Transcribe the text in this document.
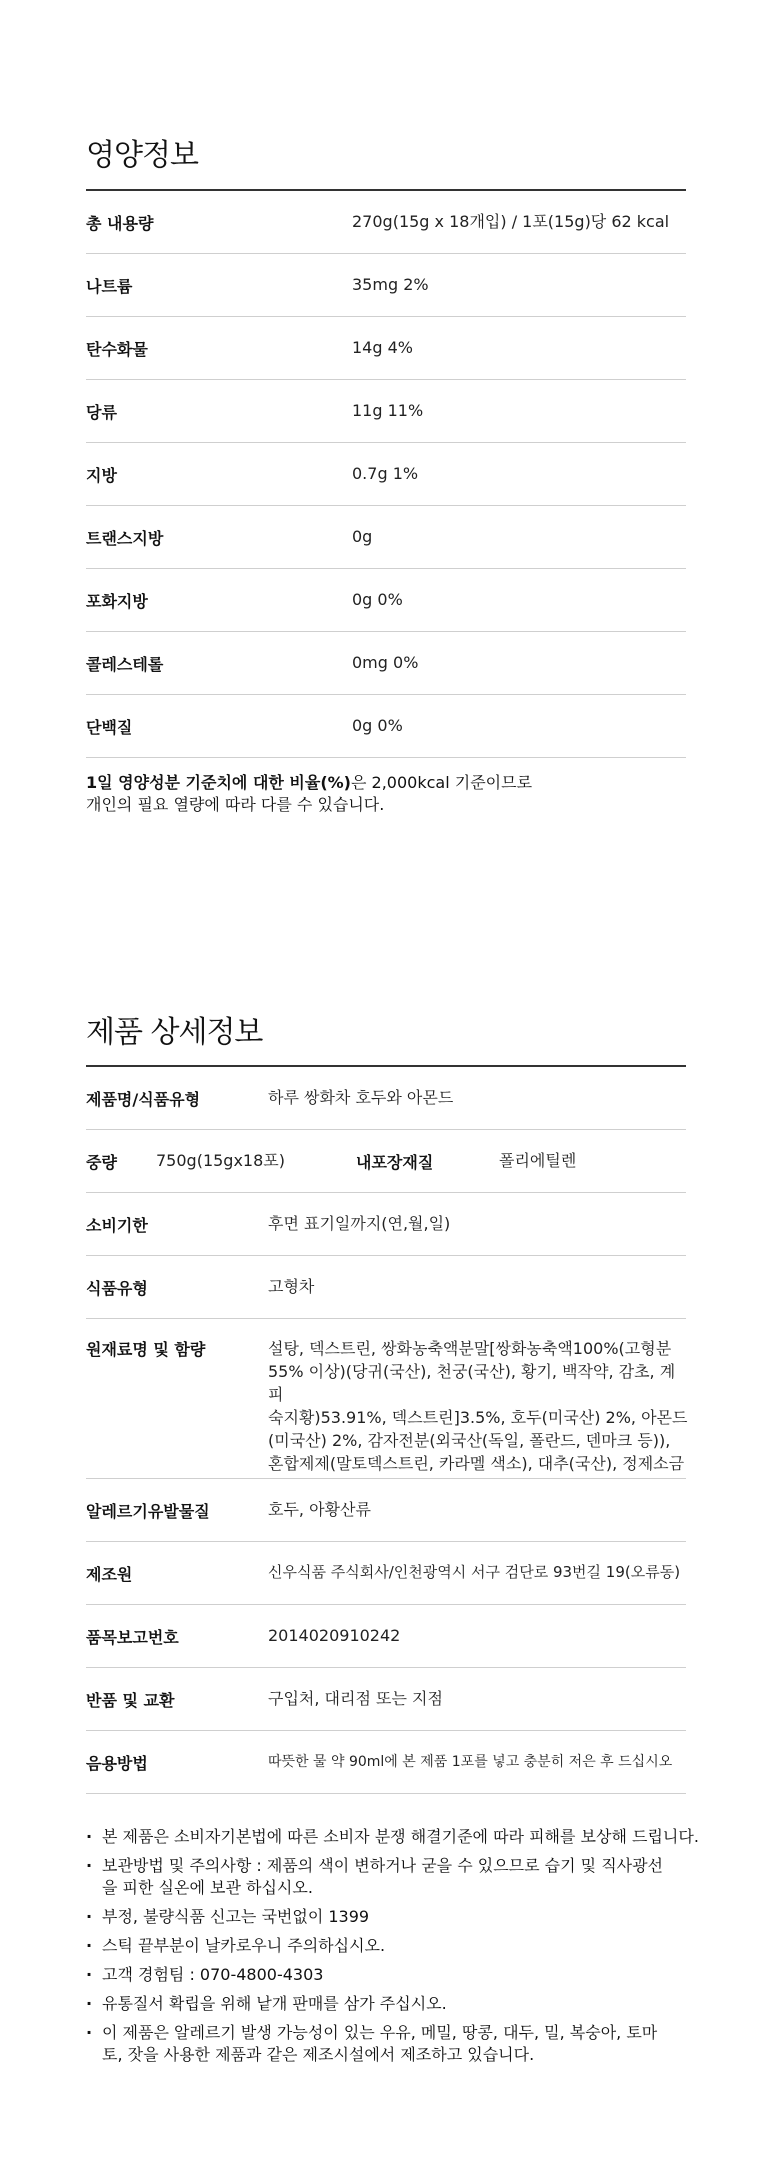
영양정보
총 내용량	270g(15g x 18개입) / 1포(15g)당 62 kcal
나트륨	35mg 2%
탄수화물	14g 4%
당류	11g 11%
지방	0.7g 1%
트랜스지방	0g
포화지방	0g 0%
콜레스테롤	0mg 0%
단백질	0g 0%
1일 영양성분 기준치에 대한 비율(%)은 2,000kcal 기준이므로
개인의 필요 열량에 따라 다를 수 있습니다.
제품 상세정보
제품명/식품유형	하루 쌍화차 호두와 아몬드
중량 750g(15gx18포)	내포장재질	폴리에틸렌
소비기한	후면 표기일까지(연,월,일)
식품유형	고형차
원재료명 및 함량	설탕, 덱스트린, 쌍화농축액분말[쌍화농축액100%(고형분
55% 이상)(당귀(국산), 천궁(국산), 황기, 백작약, 감초, 계피
숙지황)53.91%, 덱스트린]3.5%, 호두(미국산) 2%, 아몬드
(미국산) 2%, 감자전분(외국산(독일, 폴란드, 덴마크 등)),
혼합제제(말토덱스트린, 카라멜 색소), 대추(국산), 정제소금
알레르기유발물질	호두, 아황산류
제조원	신우식품 주식회사/인천광역시 서구 검단로 93번길 19(오류동)
품목보고번호	2014020910242
반품 및 교환	구입처, 대리점 또는 지점
음용방법	따뜻한 물 약 90ml에 본 제품 1포를 넣고 충분히 저은 후 드십시오
· 본 제품은 소비자기본법에 따른 소비자 분쟁 해결기준에 따라 피해를 보상해 드립니다.
· 보관방법 및 주의사항 : 제품의 색이 변하거나 굳을 수 있으므로 습기 및 직사광선을 피한 실온에 보관 하십시오.
· 부정, 불량식품 신고는 국번없이 1399
· 스틱 끝부분이 날카로우니 주의하십시오.
· 고객 경험팀 : 070-4800-4303
· 유통질서 확립을 위해 낱개 판매를 삼가 주십시오.
· 이 제품은 알레르기 발생 가능성이 있는 우유, 메밀, 땅콩, 대두, 밀, 복숭아, 토마토, 잣을 사용한 제품과 같은 제조시설에서 제조하고 있습니다.
